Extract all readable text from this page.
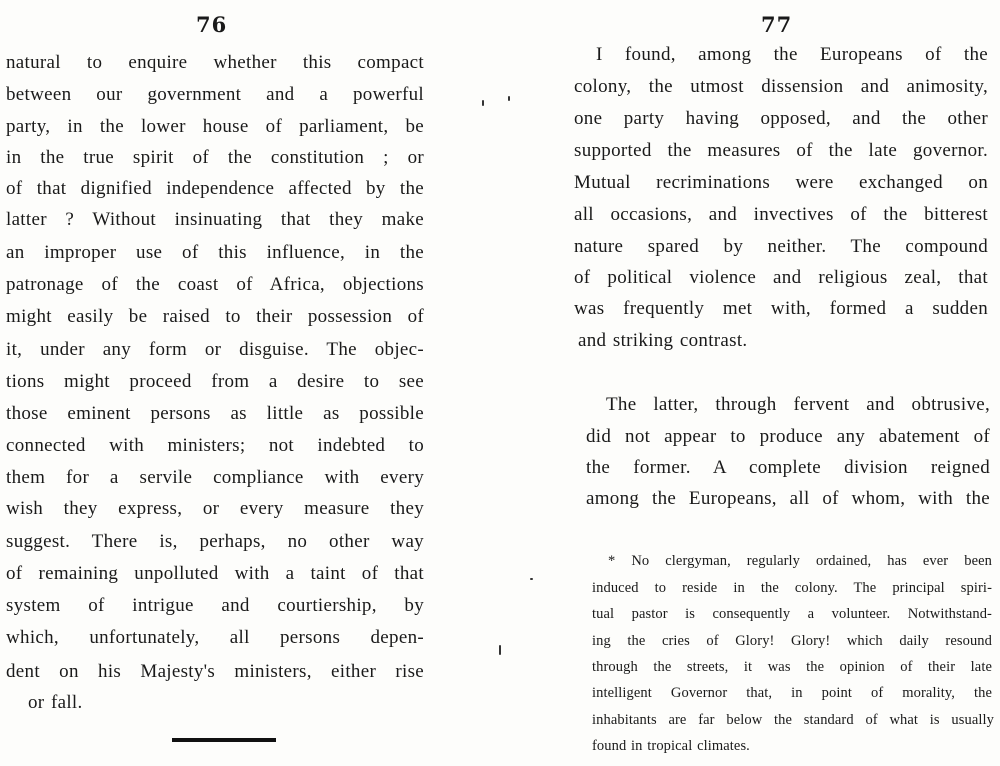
76
natural to enquire whether this compact
between our government and a powerful
party, in the lower house of parliament, be
in the true spirit of the constitution ; or
of that dignified independence affected by the
latter ? Without insinuating that they make
an improper use of this influence, in the
patronage of the coast of Africa, objections
might easily be raised to their possession of
it, under any form or disguise. The objec-
tions might proceed from a desire to see
those eminent persons as little as possible
connected with ministers; not indebted to
them for a servile compliance with every
wish they express, or every measure they
suggest. There is, perhaps, no other way
of remaining unpolluted with a taint of that
system of intrigue and courtiership, by
which, unfortunately, all persons depen-
dent on his Majesty's ministers, either rise
or fall.
77
I found, among the Europeans of the
colony, the utmost dissension and animosity,
one party having opposed, and the other
supported the measures of the late governor.
Mutual recriminations were exchanged on
all occasions, and invectives of the bitterest
nature spared by neither. The compound
of political violence and religious zeal, that
was frequently met with, formed a sudden
and striking contrast.
The latter, through fervent and obtrusive,
did not appear to produce any abatement of
the former. A complete division reigned
among the Europeans, all of whom, with the
* No clergyman, regularly ordained, has ever been
induced to reside in the colony. The principal spiri-
tual pastor is consequently a volunteer. Notwithstand-
ing the cries of Glory! Glory! which daily resound
through the streets, it was the opinion of their late
intelligent Governor that, in point of morality, the
inhabitants are far below the standard of what is usually
found in tropical climates.
